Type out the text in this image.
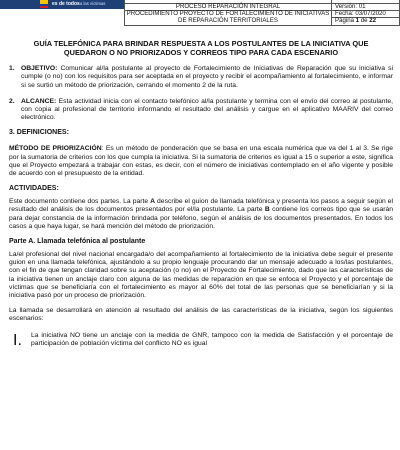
es de todos a las víctimas
		PROCESO REPARACIÓN INTEGRAL	Versión: 01
PROCEDIMIENTO PROYECTO DE FORTALECIMIENTO DE INICIATIVAS DE REPARACIÓN TERRITORIALES	Fecha: 03/07/2020
	Página 1 de 22
GUÍA TELEFÓNICA PARA BRINDAR RESPUESTA A LOS POSTULANTES DE LA INICIATIVA QUE QUEDARON O NO PRIORIZADOS Y CORREOS TIPO PARA CADA ESCENARIO
1. OBJETIVO: Comunicar al/la postulante al proyecto de Fortalecimiento de Iniciativas de Reparación que su iniciativa si cumple (o no) con los requisitos para ser aceptada en el proyecto y recibir el acompañamiento al fortalecimiento, e informar si se surtió un método de priorización, cerrando el momento 2 de la ruta.
2. ALCANCE: Esta actividad inicia con el contacto telefónico al/la postulante y termina con el envío del correo al postulante, con copia al profesional de territorio informando el resultado del análisis y cargue en el aplicativo MAARIV del correo electrónico.
3. DEFINICIONES:

MÉTODO DE PRIORIZACIÓN: Es un método de ponderación que se basa en una escala numérica que va del 1 al 3. Se rige por la sumatoria de criterios con los que cumpla la iniciativa. Si la sumatoria de criterios es igual a 15 o superior a este, significa que el Proyecto empezará a trabajar con estas, es decir, con el número de iniciativas contemplado en el año vigente y posible de acuerdo con el presupuesto de la entidad.

ACTIVIDADES:

Este documento contiene dos partes. La parte A describe el guion de llamada telefónica y presenta los pasos a seguir según el resultado del análisis de los documentos presentados por el/la postulante. La parte B contiene los correos tipo que se usarán para dejar constancia de la información brindada por teléfono, según el análisis de los documentos presentados. En todos los casos a que haya lugar, se hará mención del método de priorización.

Parte A. Llamada telefónica al postulante

La/el profesional del nivel nacional encargada/o del acompañamiento al fortalecimiento de la iniciativa debe seguir el presente guion en una llamada telefónica, ajustándolo a su propio lenguaje procurando dar un mensaje adecuado a los/las postulantes, con el fin de que tengan claridad sobre su aceptación (o no) en el Proyecto de Fortalecimiento, dado que las características de la iniciativa tienen un anclaje claro con alguna de las medidas de reparación en que se enfoca el Proyecto y el porcentaje de víctimas que se beneficiaría con el fortalecimiento es mayor al 60% del total de las personas que se beneficiarían y si la iniciativa pasó por un proceso de priorización.

La llamada se desarrollará en atención al resultado del análisis de las características de la iniciativa, según los siguientes escenarios:

I.	La iniciativa NO tiene un anclaje con la medida de GNR, tampoco con la medida de Satisfacción y el porcentaje de participación de población víctima del conflicto NO es igual
